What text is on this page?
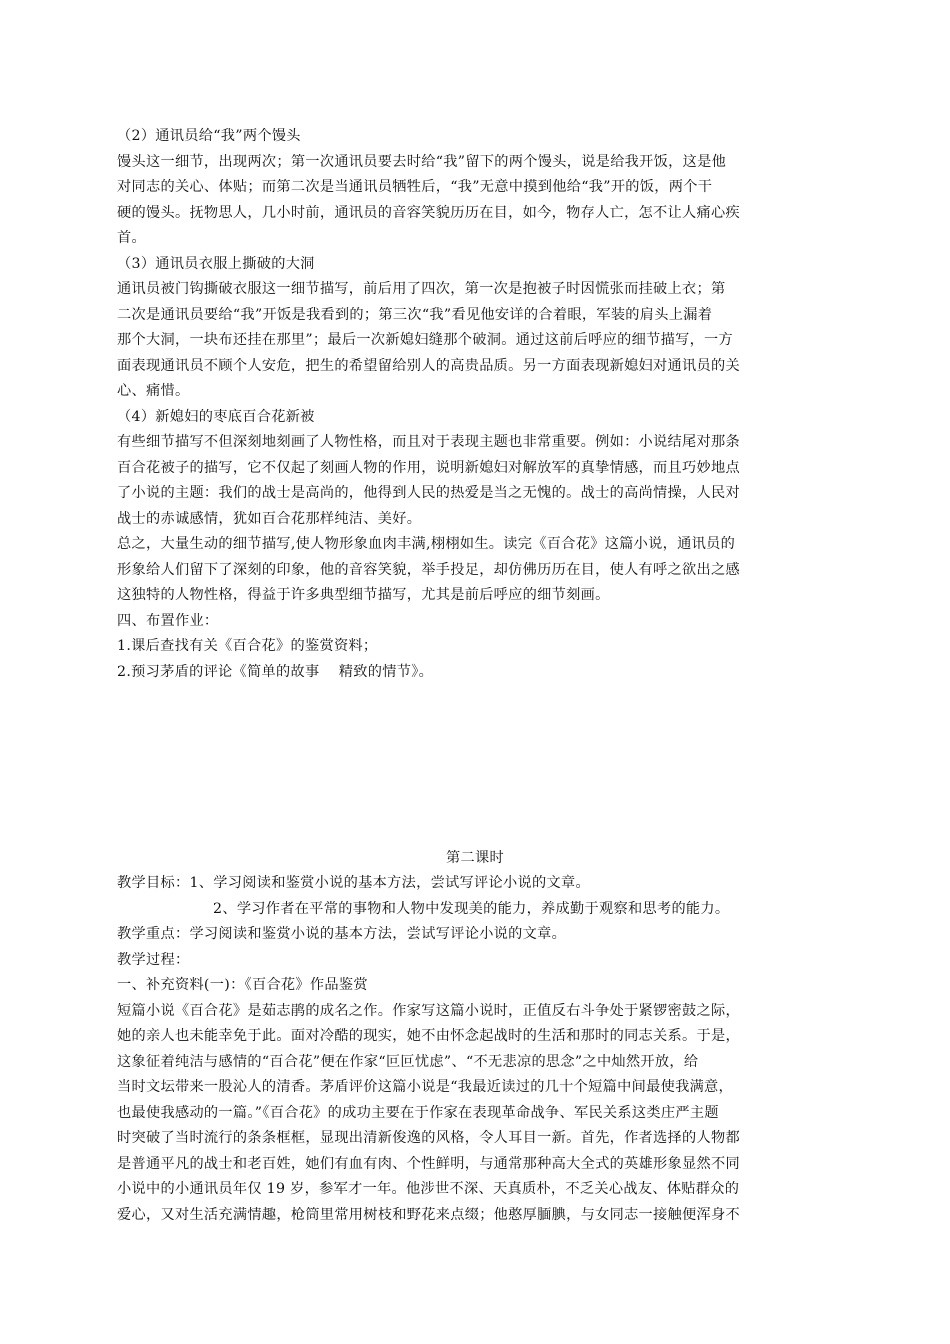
（2）通讯员给“我”两个馒头
馒头这一细节，出现两次；第一次通讯员要去时给“我”留下的两个馒头，说是给我开饭，这是他
对同志的关心、体贴；而第二次是当通讯员牺牲后，“我”无意中摸到他给“我”开的饭，两个干
硬的馒头。抚物思人，几小时前，通讯员的音容笑貌历历在目，如今，物存人亡，怎不让人痛心疾
首。
（3）通讯员衣服上撕破的大洞
通讯员被门钩撕破衣服这一细节描写，前后用了四次，第一次是抱被子时因慌张而挂破上衣；第
二次是通讯员要给“我”开饭是我看到的；第三次“我”看见他安详的合着眼，军装的肩头上漏着
那个大洞，一块布还挂在那里”；最后一次新媳妇缝那个破洞。通过这前后呼应的细节描写，一方
面表现通讯员不顾个人安危，把生的希望留给别人的高贵品质。另一方面表现新媳妇对通讯员的关
心、痛惜。
（4）新媳妇的枣底百合花新被
有些细节描写不但深刻地刻画了人物性格，而且对于表现主题也非常重要。例如：小说结尾对那条
百合花被子的描写，它不仅起了刻画人物的作用，说明新媳妇对解放军的真挚情感，而且巧妙地点
了小说的主题：我们的战士是高尚的，他得到人民的热爱是当之无愧的。战士的高尚情操，人民对
战士的赤诚感情，犹如百合花那样纯洁、美好。
总之，大量生动的细节描写,使人物形象血肉丰满,栩栩如生。读完《百合花》这篇小说，通讯员的
形象给人们留下了深刻的印象，他的音容笑貌，举手投足，却仿佛历历在目，使人有呼之欲出之感
这独特的人物性格，得益于许多典型细节描写，尤其是前后呼应的细节刻画。
四、布置作业：
1.课后查找有关《百合花》的鉴赏资料；
2.预习茅盾的评论《简单的故事　 精致的情节》。
第二课时
教学目标：1、学习阅读和鉴赏小说的基本方法，尝试写评论小说的文章。
2、学习作者在平常的事物和人物中发现美的能力，养成勤于观察和思考的能力。
教学重点：学习阅读和鉴赏小说的基本方法，尝试写评论小说的文章。
教学过程：
一、补充资料(一)：《百合花》作品鉴赏
短篇小说《百合花》是茹志鹃的成名之作。作家写这篇小说时，正值反右斗争处于紧锣密鼓之际，
她的亲人也未能幸免于此。面对冷酷的现实，她不由怀念起战时的生活和那时的同志关系。于是，
这象征着纯洁与感情的“百合花”便在作家“叵叵忧虑”、“不无悲凉的思念”之中灿然开放，给
当时文坛带来一股沁人的清香。茅盾评价这篇小说是“我最近读过的几十个短篇中间最使我满意，
也最使我感动的一篇。”《百合花》的成功主要在于作家在表现革命战争、军民关系这类庄严主题
时突破了当时流行的条条框框，显现出清新俊逸的风格，令人耳目一新。首先，作者选择的人物都
是普通平凡的战士和老百姓，她们有血有肉、个性鲜明，与通常那种高大全式的英雄形象显然不同
小说中的小通讯员年仅 19 岁，参军才一年。他涉世不深、天真质朴，不乏关心战友、体贴群众的
爱心，又对生活充满情趣，枪筒里常用树枝和野花来点缀；他憨厚腼腆，与女同志一接触便浑身不
